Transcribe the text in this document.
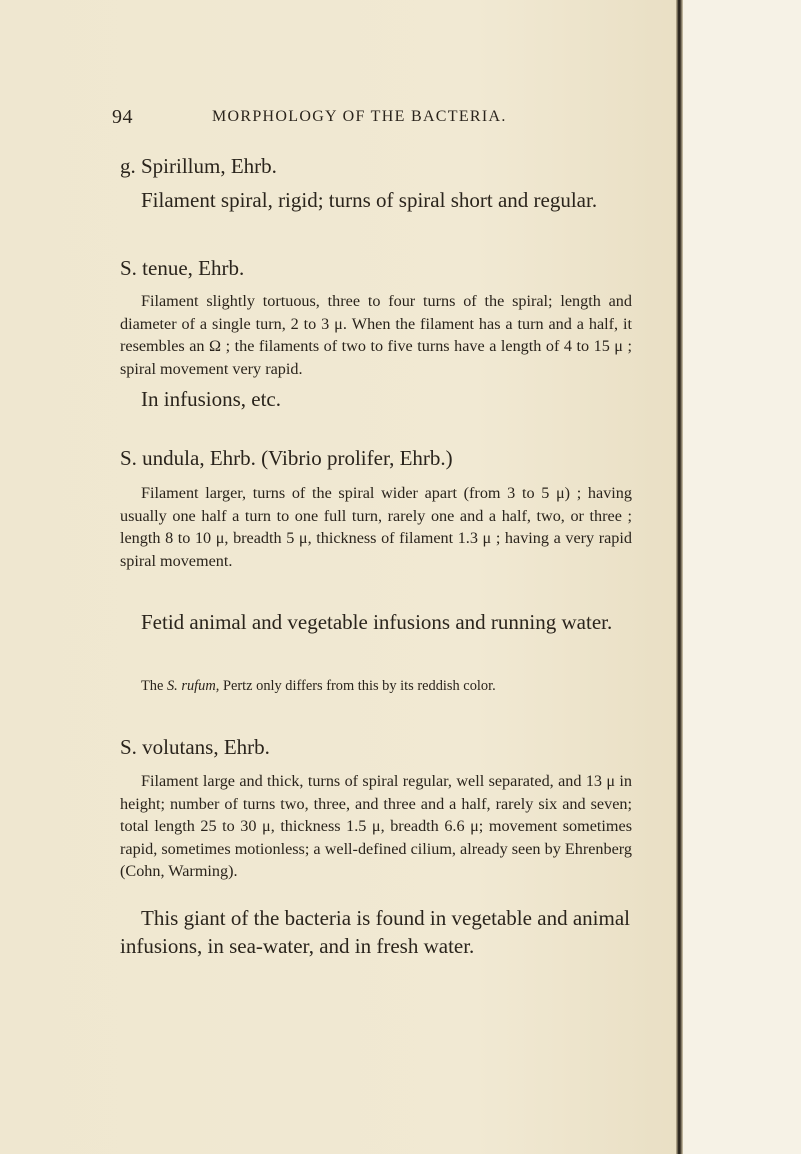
94	MORPHOLOGY OF THE BACTERIA.

g. Spirillum, Ehrb.

Filament spiral, rigid; turns of spiral short and regular.

S. tenue, Ehrb.

Filament slightly tortuous, three to four turns of the spiral; length and diameter of a single turn, 2 to 3 μ. When the filament has a turn and a half, it resembles an Ω ; the filaments of two to five turns have a length of 4 to 15 μ ; spiral movement very rapid.

In infusions, etc.

S. undula, Ehrb. (Vibrio prolifer, Ehrb.)

Filament larger, turns of the spiral wider apart (from 3 to 5 μ) ; having usually one half a turn to one full turn, rarely one and a half, two, or three ; length 8 to 10 μ, breadth 5 μ, thickness of filament 1.3 μ ; having a very rapid spiral movement.

Fetid animal and vegetable infusions and running water.

The S. rufum, Pertz only differs from this by its reddish color.

S. volutans, Ehrb.

Filament large and thick, turns of spiral regular, well separated, and 13 μ in height; number of turns two, three, and three and a half, rarely six and seven; total length 25 to 30 μ, thickness 1.5 μ, breadth 6.6 μ; movement sometimes rapid, sometimes motionless; a well-defined cilium, already seen by Ehrenberg (Cohn, Warming).

This giant of the bacteria is found in vegetable and animal infusions, in sea-water, and in fresh water.
